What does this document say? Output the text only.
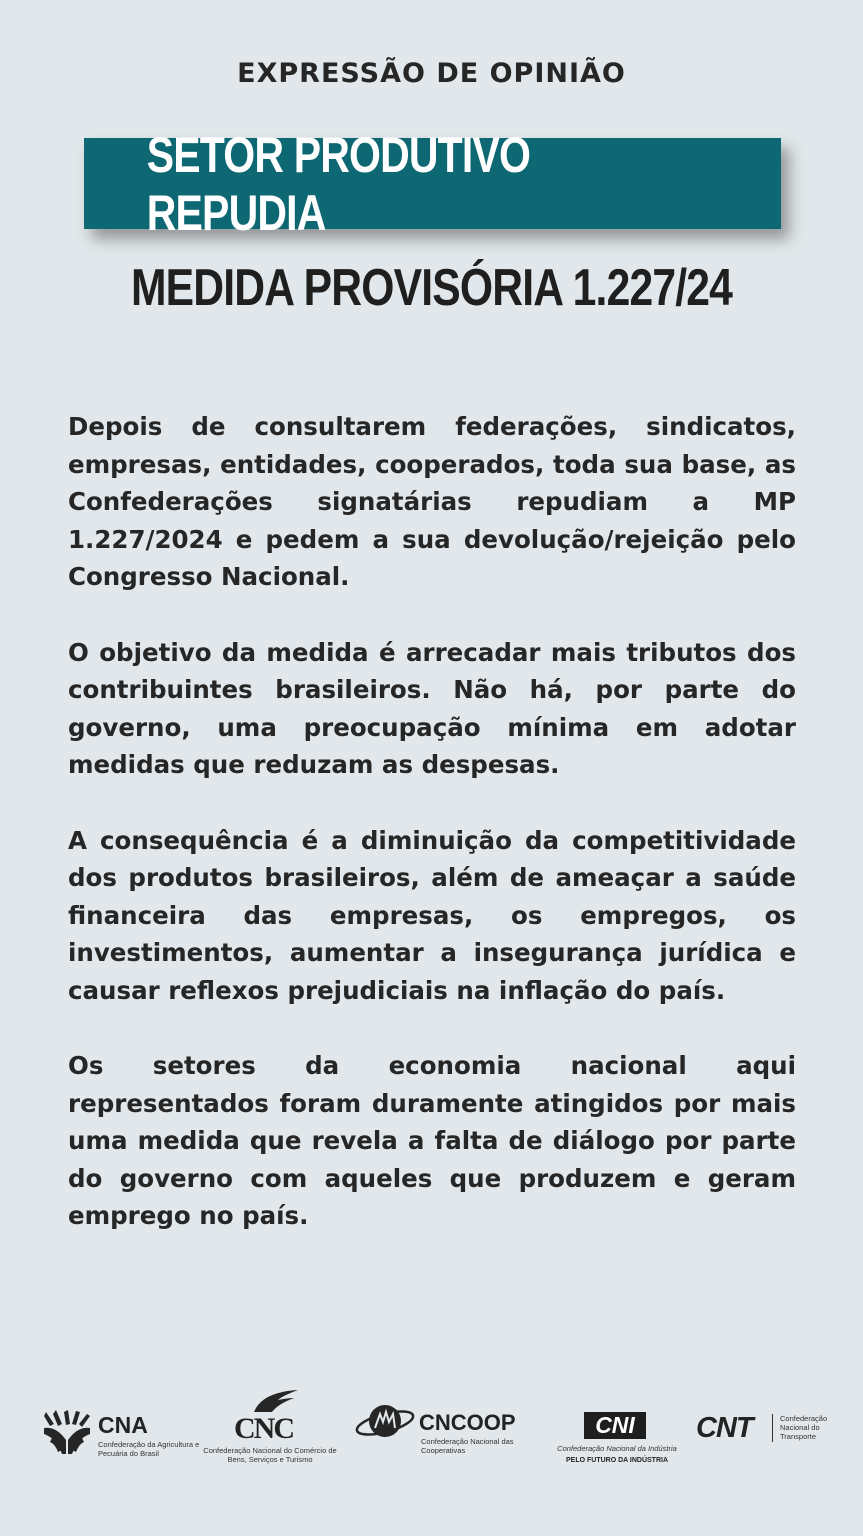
EXPRESSÃO DE OPINIÃO
SETOR PRODUTIVO REPUDIA
MEDIDA PROVISÓRIA 1.227/24

Depois de consultarem federações, sindicatos, empresas, entidades, cooperados, toda sua base, as Confederações signatárias repudiam a MP 1.227/2024 e pedem a sua devolução/rejeição pelo Congresso Nacional.

O objetivo da medida é arrecadar mais tributos dos contribuintes brasileiros. Não há, por parte do governo, uma preocupação mínima em adotar medidas que reduzam as despesas.

A consequência é a diminuição da competitividade dos produtos brasileiros, além de ameaçar a saúde financeira das empresas, os empregos, os investimentos, aumentar a insegurança jurídica e causar reflexos prejudiciais na inflação do país.

Os setores da economia nacional aqui representados foram duramente atingidos por mais uma medida que revela a falta de diálogo por parte do governo com aqueles que produzem e geram emprego no país.

CNA
Confederação da Agricultura e Pecuária do Brasil
CNC
Confederação Nacional do Comércio de Bens, Serviços e Turismo
CNCOOP
Confederação Nacional das Cooperativas
CNI
Confederação Nacional da Indústria
PELO FUTURO DA INDÚSTRIA
CNT	Confederação Nacional do Transporte
